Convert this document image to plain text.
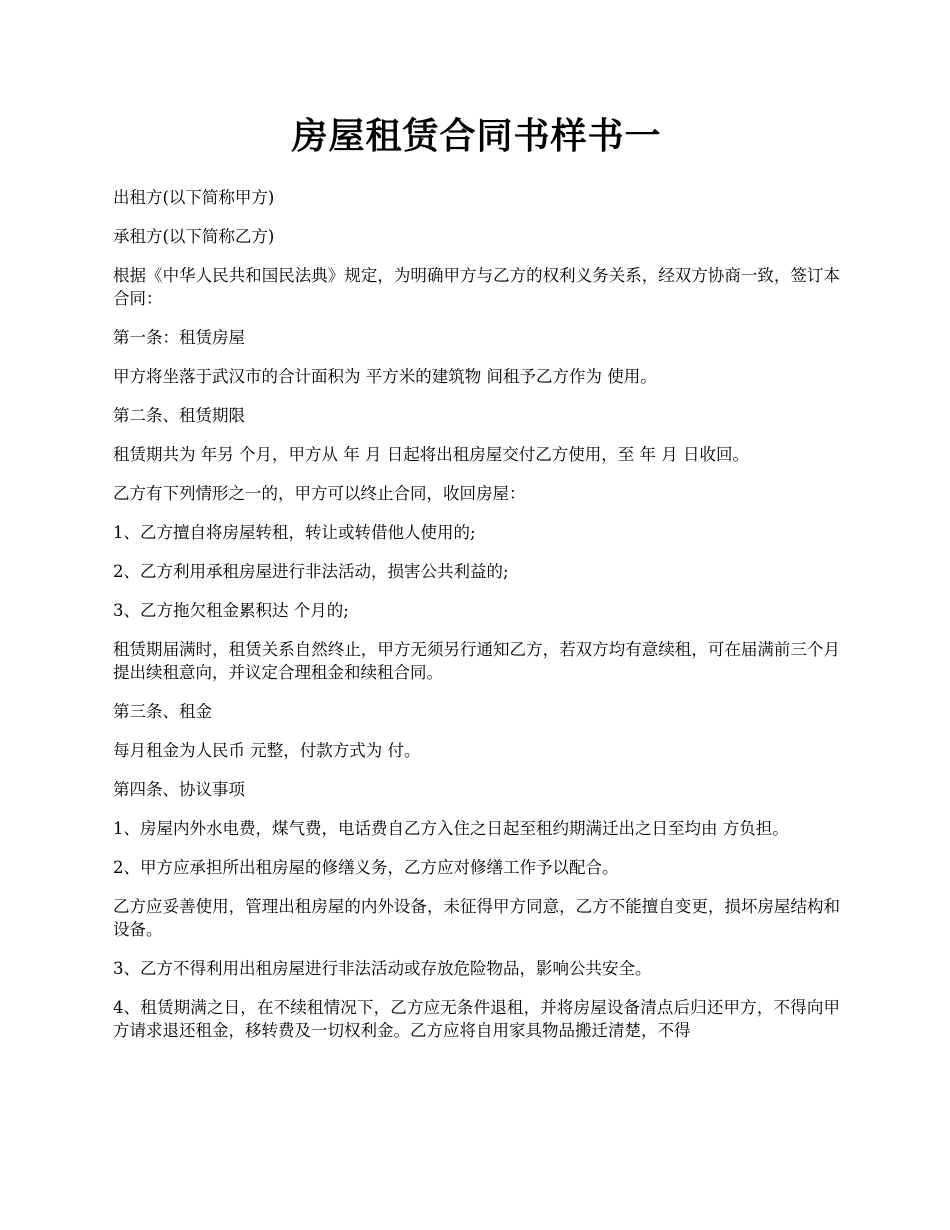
房屋租赁合同书样书一

出租方(以下简称甲方)

承租方(以下简称乙方)

根据《中华人民共和国民法典》规定，为明确甲方与乙方的权利义务关系，经双方协商一致，签订本合同：

第一条：租赁房屋

甲方将坐落于武汉市的合计面积为 平方米的建筑物 间租予乙方作为 使用。

第二条、租赁期限

租赁期共为 年另 个月，甲方从 年 月 日起将出租房屋交付乙方使用，至 年 月 日收回。

乙方有下列情形之一的，甲方可以终止合同，收回房屋：

1、乙方擅自将房屋转租，转让或转借他人使用的;

2、乙方利用承租房屋进行非法活动，损害公共利益的;

3、乙方拖欠租金累积达 个月的;

租赁期届满时，租赁关系自然终止，甲方无须另行通知乙方，若双方均有意续租，可在届满前三个月提出续租意向，并议定合理租金和续租合同。

第三条、租金

每月租金为人民币 元整，付款方式为 付。

第四条、协议事项

1、房屋内外水电费，煤气费，电话费自乙方入住之日起至租约期满迁出之日至均由 方负担。

2、甲方应承担所出租房屋的修缮义务，乙方应对修缮工作予以配合。

乙方应妥善使用，管理出租房屋的内外设备，未征得甲方同意，乙方不能擅自变更，损坏房屋结构和设备。

3、乙方不得利用出租房屋进行非法活动或存放危险物品，影响公共安全。

4、租赁期满之日，在不续租情况下，乙方应无条件退租，并将房屋设备清点后归还甲方，不得向甲方请求退还租金，移转费及一切权利金。乙方应将自用家具物品搬迁清楚，不得
